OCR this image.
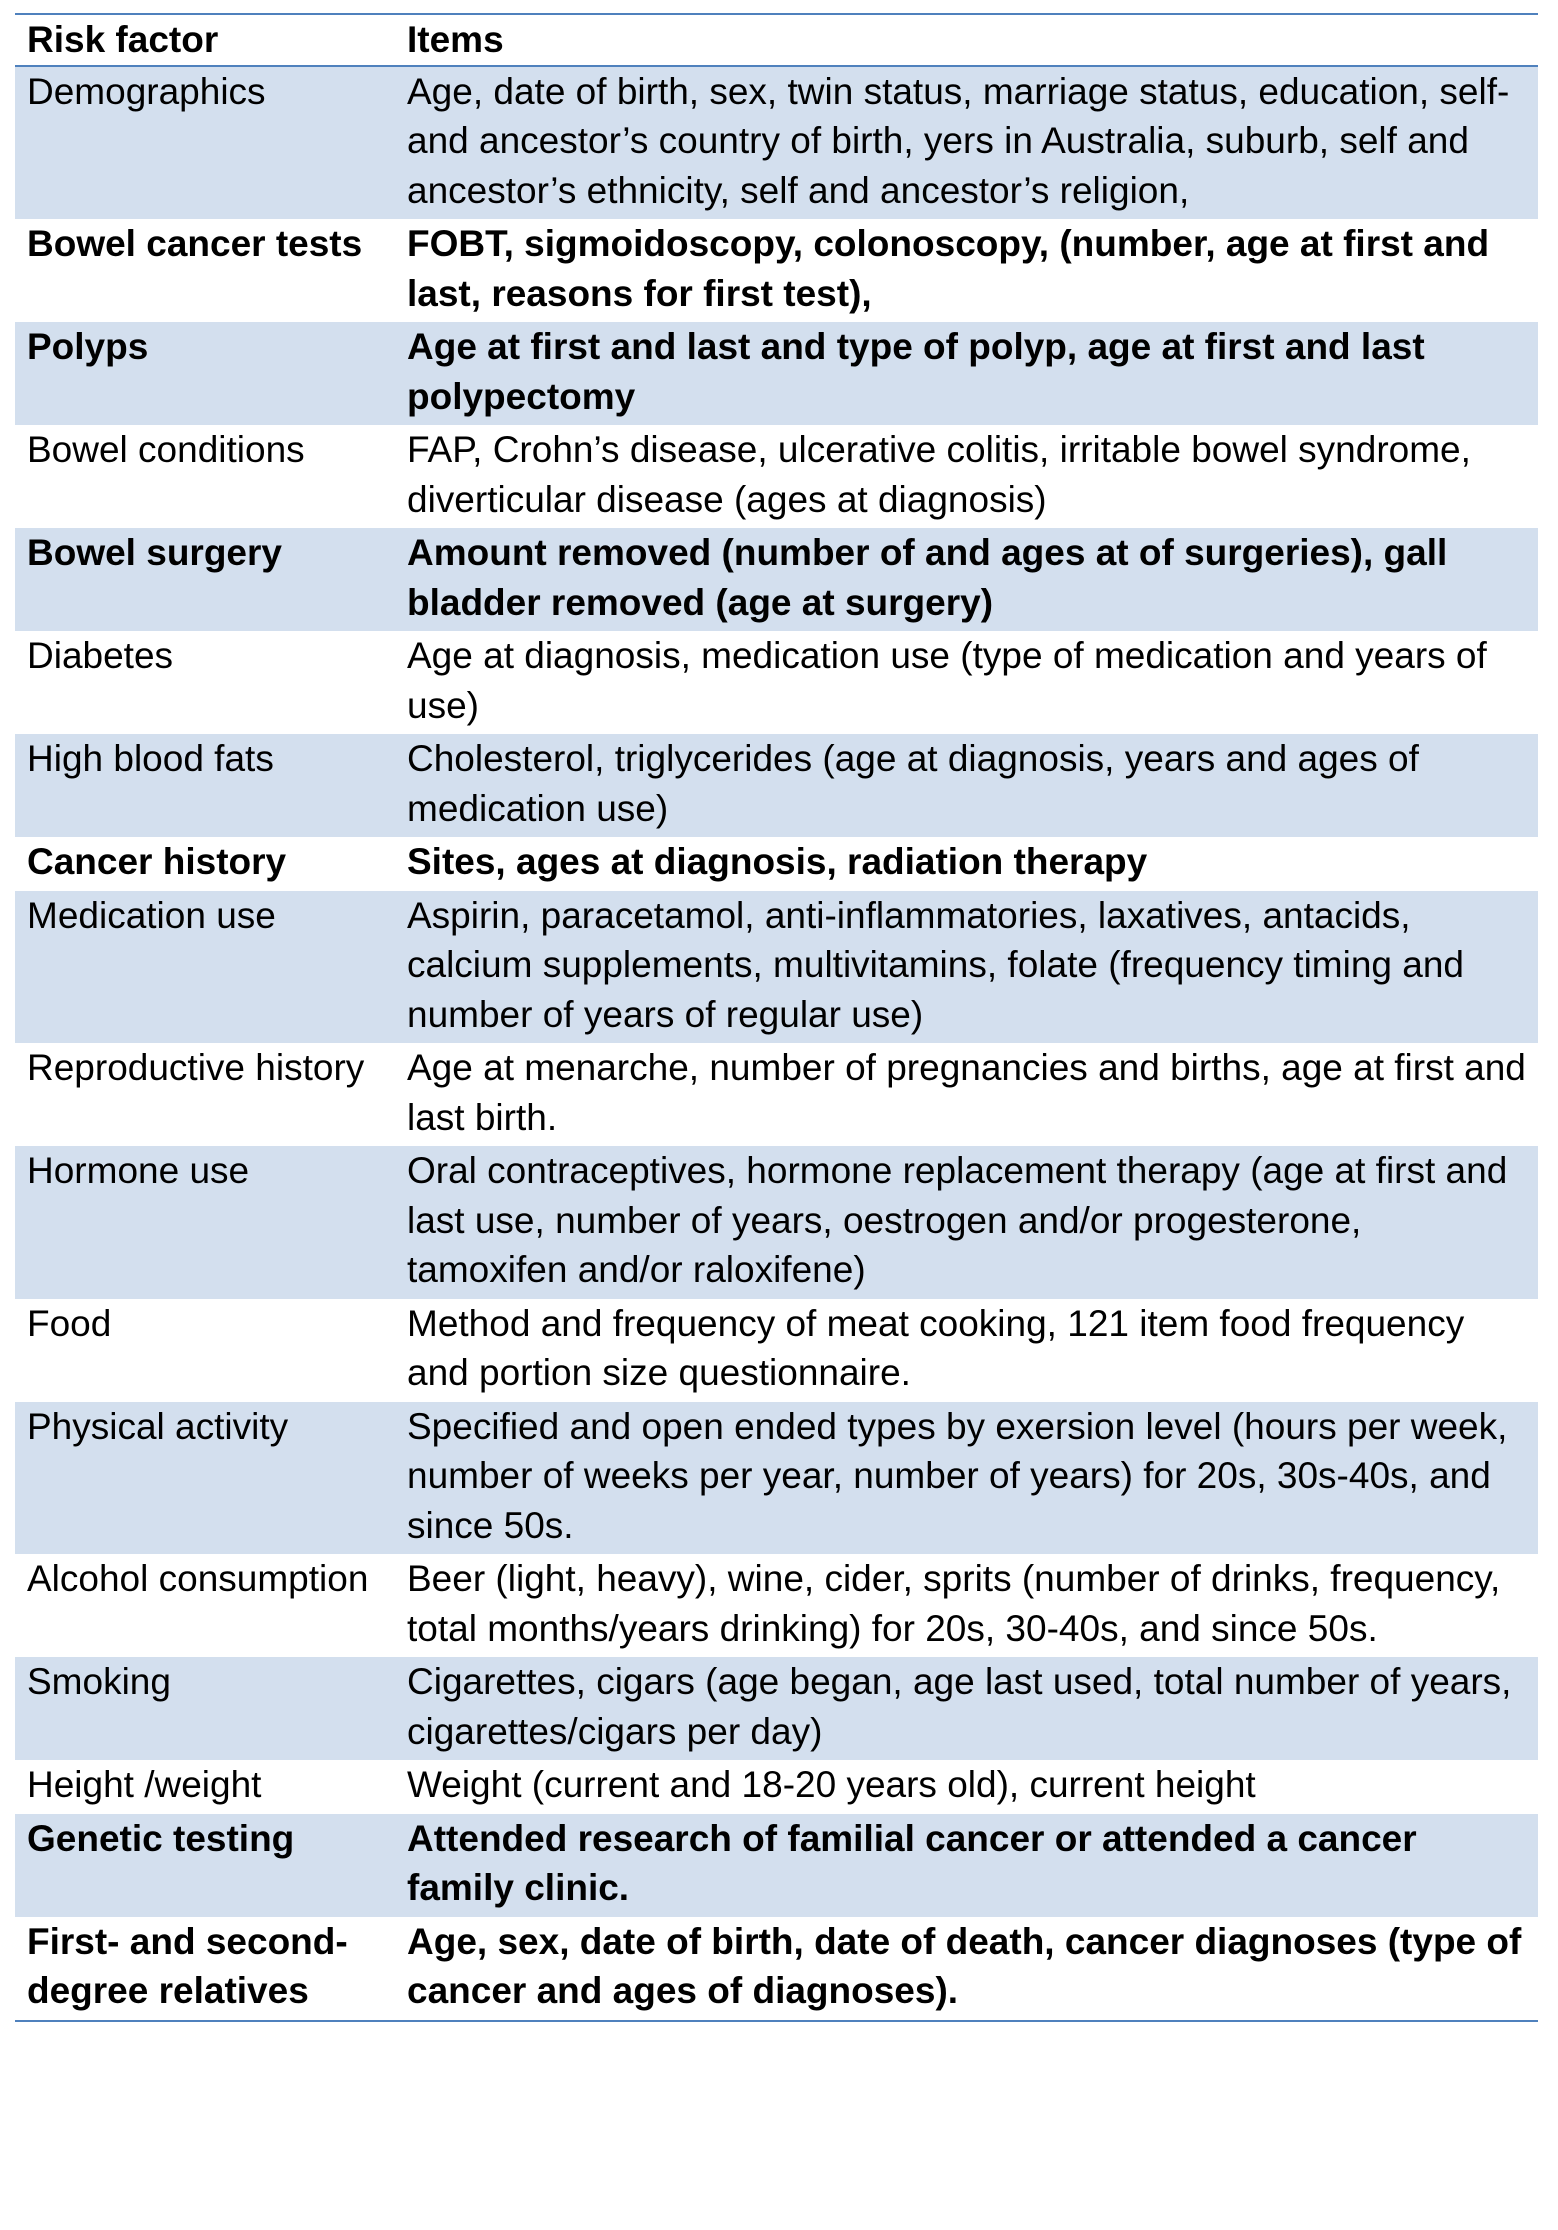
Risk factor	Items
Demographics	Age, date of birth, sex, twin status, marriage status, education, self- and ancestor’s country of birth, yers in Australia, suburb, self and ancestor’s ethnicity, self and ancestor’s religion,
Bowel cancer tests	FOBT, sigmoidoscopy, colonoscopy, (number, age at first and last, reasons for first test),
Polyps	Age at first and last and type of polyp, age at first and last polypectomy
Bowel conditions	FAP, Crohn’s disease, ulcerative colitis, irritable bowel syndrome, diverticular disease (ages at diagnosis)
Bowel surgery	Amount removed (number of and ages at of surgeries), gall bladder removed (age at surgery)
Diabetes	Age at diagnosis, medication use (type of medication and years of use)
High blood fats	Cholesterol, triglycerides (age at diagnosis, years and ages of medication use)
Cancer history	Sites, ages at diagnosis, radiation therapy
Medication use	Aspirin, paracetamol, anti-inflammatories, laxatives, antacids, calcium supplements, multivitamins, folate (frequency timing and number of years of regular use)
Reproductive history	Age at menarche, number of pregnancies and births, age at first and last birth.
Hormone use	Oral contraceptives, hormone replacement therapy (age at first and last use, number of years, oestrogen and/or progesterone, tamoxifen and/or raloxifene)
Food	Method and frequency of meat cooking, 121 item food frequency and portion size questionnaire.
Physical activity	Specified and open ended types by exersion level (hours per week, number of weeks per year, number of years) for 20s, 30s-40s, and since 50s.
Alcohol consumption	Beer (light, heavy), wine, cider, sprits (number of drinks, frequency, total months/years drinking) for 20s, 30-40s, and since 50s.
Smoking	Cigarettes, cigars (age began, age last used, total number of years, cigarettes/cigars per day)
Height /weight	Weight (current and 18-20 years old), current height
Genetic testing	Attended research of familial cancer or attended a cancer family clinic.
First- and second-degree relatives	Age, sex, date of birth, date of death, cancer diagnoses (type of cancer and ages of diagnoses).
